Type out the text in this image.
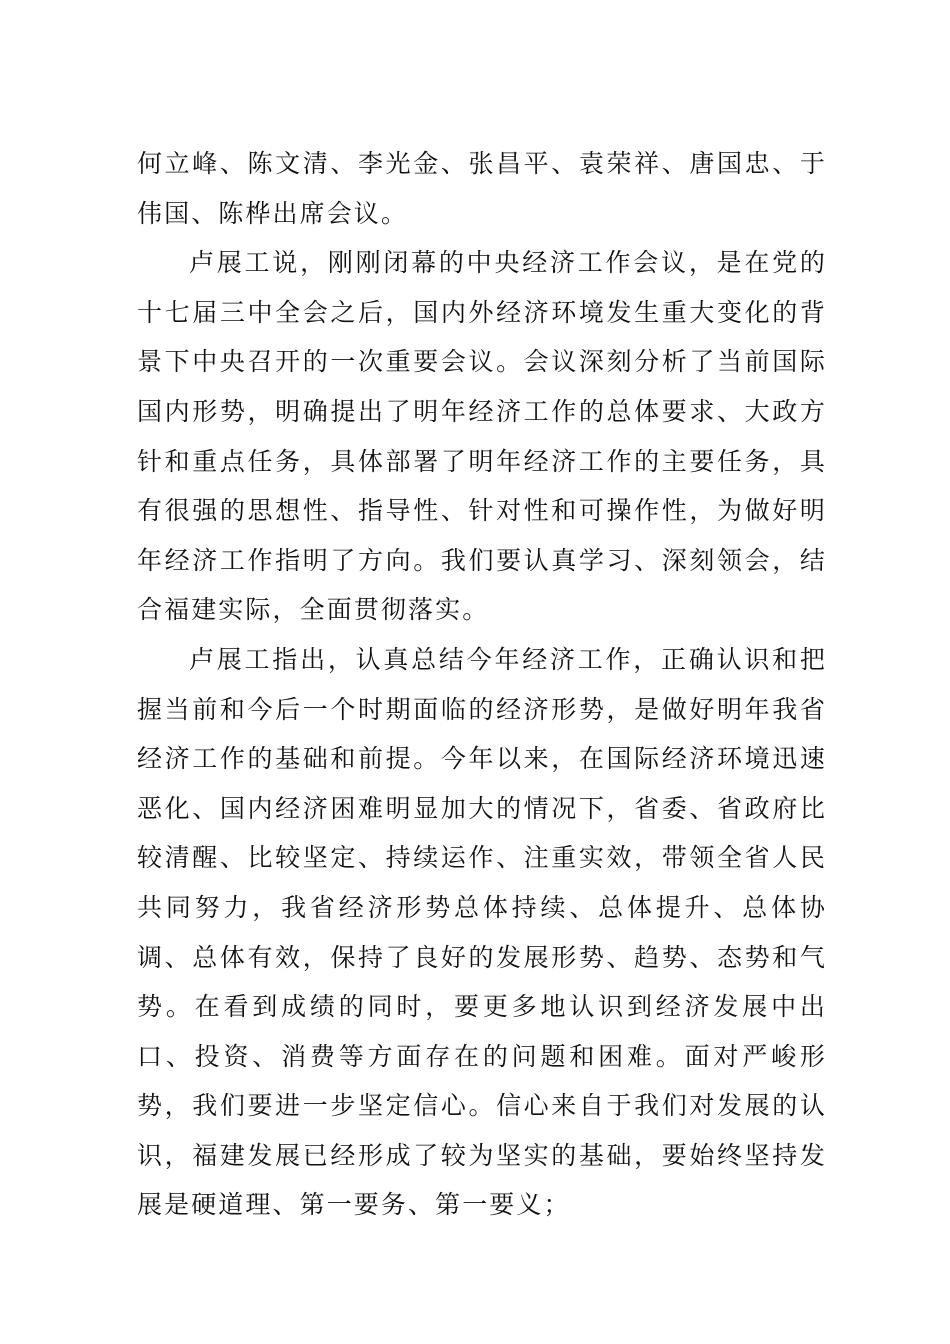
何立峰、陈文清、李光金、张昌平、袁荣祥、唐国忠、于伟国、陈桦出席会议。

卢展工说，刚刚闭幕的中央经济工作会议，是在党的十七届三中全会之后，国内外经济环境发生重大变化的背景下中央召开的一次重要会议。会议深刻分析了当前国际国内形势，明确提出了明年经济工作的总体要求、大政方针和重点任务，具体部署了明年经济工作的主要任务，具有很强的思想性、指导性、针对性和可操作性，为做好明年经济工作指明了方向。我们要认真学习、深刻领会，结合福建实际，全面贯彻落实。

卢展工指出，认真总结今年经济工作，正确认识和把握当前和今后一个时期面临的经济形势，是做好明年我省经济工作的基础和前提。今年以来，在国际经济环境迅速恶化、国内经济困难明显加大的情况下，省委、省政府比较清醒、比较坚定、持续运作、注重实效，带领全省人民共同努力，我省经济形势总体持续、总体提升、总体协调、总体有效，保持了良好的发展形势、趋势、态势和气势。在看到成绩的同时，要更多地认识到经济发展中出口、投资、消费等方面存在的问题和困难。面对严峻形势，我们要进一步坚定信心。信心来自于我们对发展的认识，福建发展已经形成了较为坚实的基础，要始终坚持发展是硬道理、第一要务、第一要义；
